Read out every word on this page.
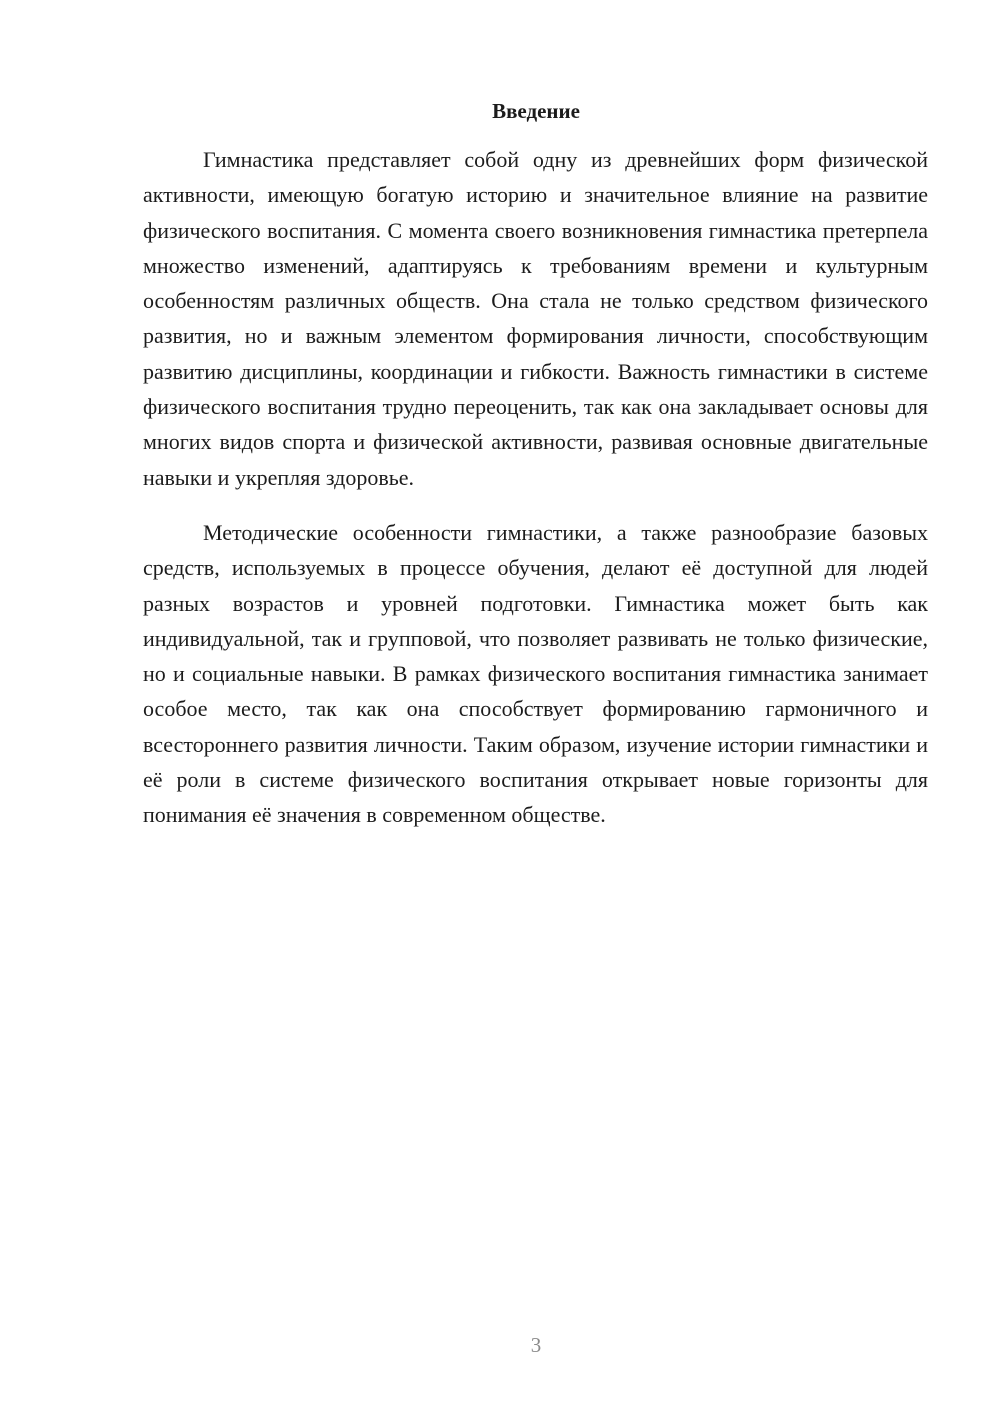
Введение

Гимнастика представляет собой одну из древнейших форм физической активности, имеющую богатую историю и значительное влияние на развитие физического воспитания. С момента своего возникновения гимнастика претерпела множество изменений, адаптируясь к требованиям времени и культурным особенностям различных обществ. Она стала не только средством физического развития, но и важным элементом формирования личности, способствующим развитию дисциплины, координации и гибкости. Важность гимнастики в системе физического воспитания трудно переоценить, так как она закладывает основы для многих видов спорта и физической активности, развивая основные двигательные навыки и укрепляя здоровье.

Методические особенности гимнастики, а также разнообразие базовых средств, используемых в процессе обучения, делают её доступной для людей разных возрастов и уровней подготовки. Гимнастика может быть как индивидуальной, так и групповой, что позволяет развивать не только физические, но и социальные навыки. В рамках физического воспитания гимнастика занимает особое место, так как она способствует формированию гармоничного и всестороннего развития личности. Таким образом, изучение истории гимнастики и её роли в системе физического воспитания открывает новые горизонты для понимания её значения в современном обществе.

3
